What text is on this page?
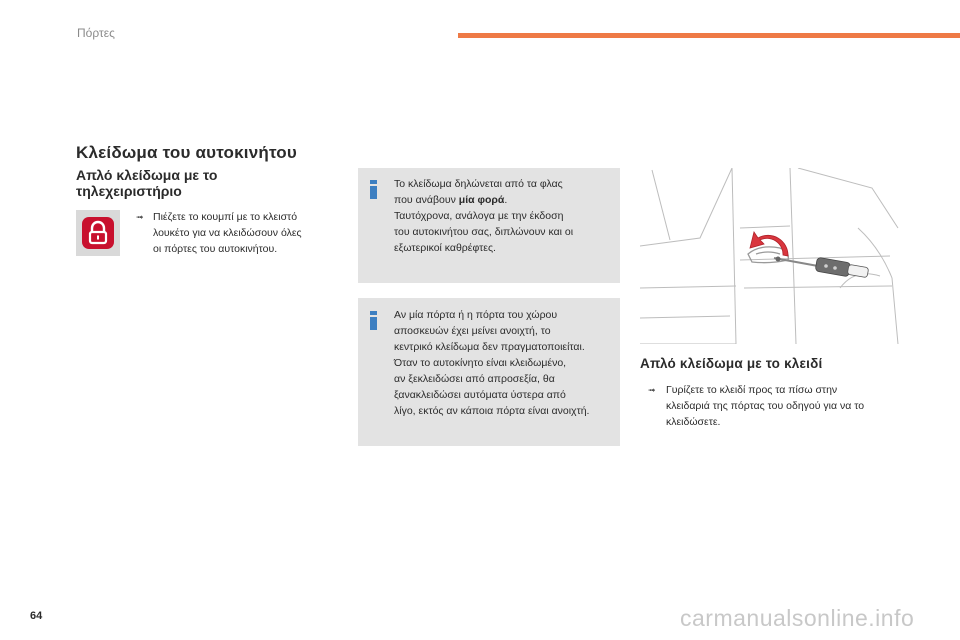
Πόρτες
Κλείδωμα του αυτοκινήτου
Απλό κλείδωμα με το
τηλεχειριστήριο
➟ Πιέζετε το κουμπί με το κλειστό
λουκέτο για να κλειδώσουν όλες
οι πόρτες του αυτοκινήτου.
Το κλείδωμα δηλώνεται από τα φλας
που ανάβουν μία φορά.
Ταυτόχρονα, ανάλογα με την έκδοση
του αυτοκινήτου σας, διπλώνουν και οι
εξωτερικοί καθρέφτες.
Αν μία πόρτα ή η πόρτα του χώρου
αποσκευών έχει μείνει ανοιχτή, το
κεντρικό κλείδωμα δεν πραγματοποιείται.
Όταν το αυτοκίνητο είναι κλειδωμένο,
αν ξεκλειδώσει από απροσεξία, θα
ξανακλειδώσει αυτόματα ύστερα από
λίγο, εκτός αν κάποια πόρτα είναι ανοιχτή.
Απλό κλείδωμα με το κλειδί
➟ Γυρίζετε το κλειδί προς τα πίσω στην
κλειδαριά της πόρτας του οδηγού για να το
κλειδώσετε.
64	carmanualsonline.info
